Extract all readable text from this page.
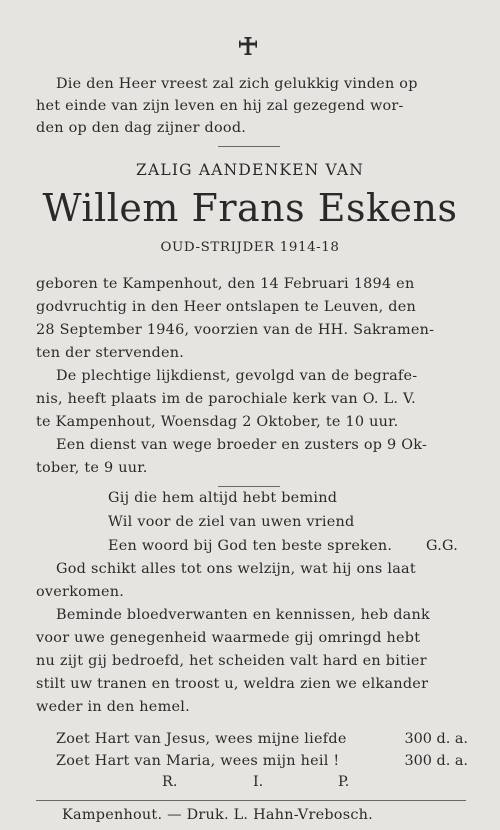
Die den Heer vreest zal zich gelukkig vinden op
het einde van zijn leven en hij zal gezegend wor-
den op den dag zijner dood.
ZALIG AANDENKEN VAN
Willem Frans Eskens
OUD-STRIJDER 1914-18
geboren te Kampenhout, den 14 Februari 1894 en
godvruchtig in den Heer ontslapen te Leuven, den
28 September 1946, voorzien van de HH. Sakramen-
ten der stervenden.
De plechtige lijkdienst, gevolgd van de begrafe-
nis, heeft plaats im de parochiale kerk van O. L. V.
te Kampenhout, Woensdag 2 Oktober, te 10 uur.
Een dienst van wege broeder en zusters op 9 Ok-
tober, te 9 uur.
Gij die hem altijd hebt bemind
Wil voor de ziel van uwen vriend
Een woord bij God ten beste spreken. G.G.
God schikt alles tot ons welzijn, wat hij ons laat
overkomen.
Beminde bloedverwanten en kennissen, heb dank
voor uwe genegenheid waarmede gij omringd hebt
nu zijt gij bedroefd, het scheiden valt hard en bitier
stilt uw tranen en troost u, weldra zien we elkander
weder in den hemel.
Zoet Hart van Jesus, wees mijne liefde	300 d. a.
Zoet Hart van Maria, wees mijn heil !	300 d. a.
R.	I.	P.
Kampenhout. — Druk. L. Hahn-Vrebosch.
